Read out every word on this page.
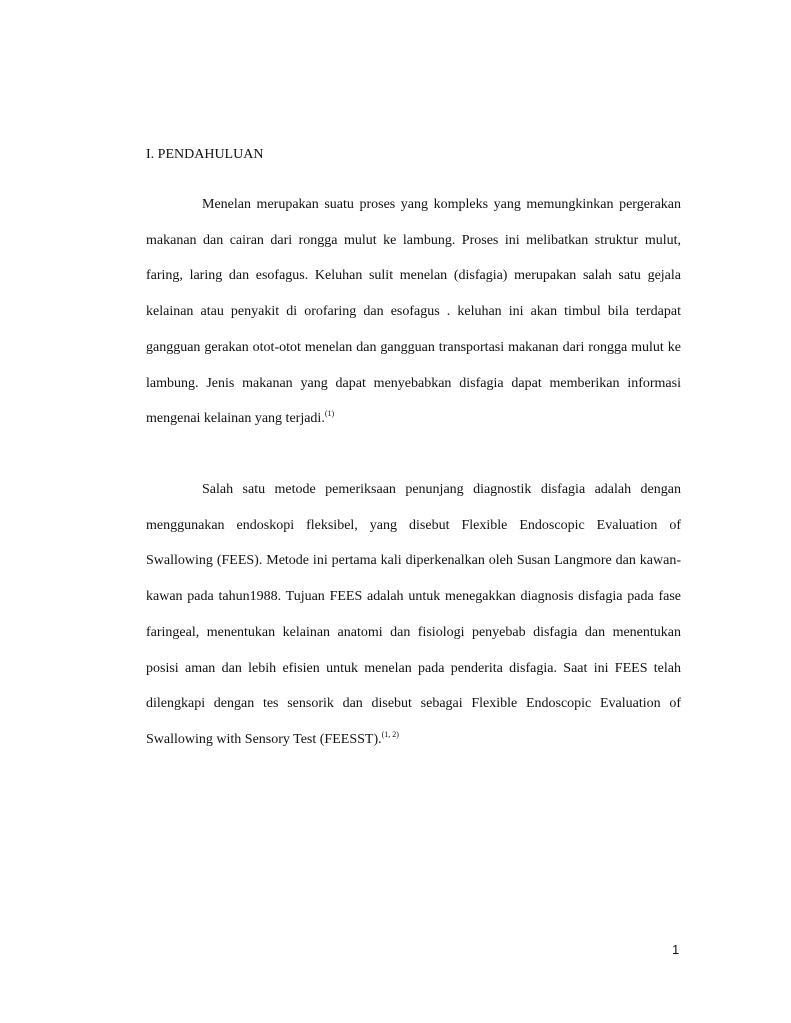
I. PENDAHULUAN

Menelan merupakan suatu proses yang kompleks yang memungkinkan pergerakan makanan dan cairan dari rongga mulut ke lambung. Proses ini melibatkan struktur mulut, faring, laring dan esofagus. Keluhan sulit menelan (disfagia) merupakan salah satu gejala kelainan atau penyakit di orofaring dan esofagus . keluhan ini akan timbul bila terdapat gangguan gerakan otot-otot menelan dan gangguan transportasi makanan dari rongga mulut ke lambung. Jenis makanan yang dapat menyebabkan disfagia dapat memberikan informasi mengenai kelainan yang terjadi.$^{(1)}$

Salah satu metode pemeriksaan penunjang diagnostik disfagia adalah dengan menggunakan endoskopi fleksibel, yang disebut Flexible Endoscopic Evaluation of Swallowing (FEES). Metode ini pertama kali diperkenalkan oleh Susan Langmore dan kawan-kawan pada tahun1988. Tujuan FEES adalah untuk menegakkan diagnosis disfagia pada fase faringeal, menentukan kelainan anatomi dan fisiologi penyebab disfagia dan menentukan posisi aman dan lebih efisien untuk menelan pada penderita disfagia. Saat ini FEES telah dilengkapi dengan tes sensorik dan disebut sebagai Flexible Endoscopic Evaluation of Swallowing with Sensory Test (FEESST).$^{(1, 2)}$

1
